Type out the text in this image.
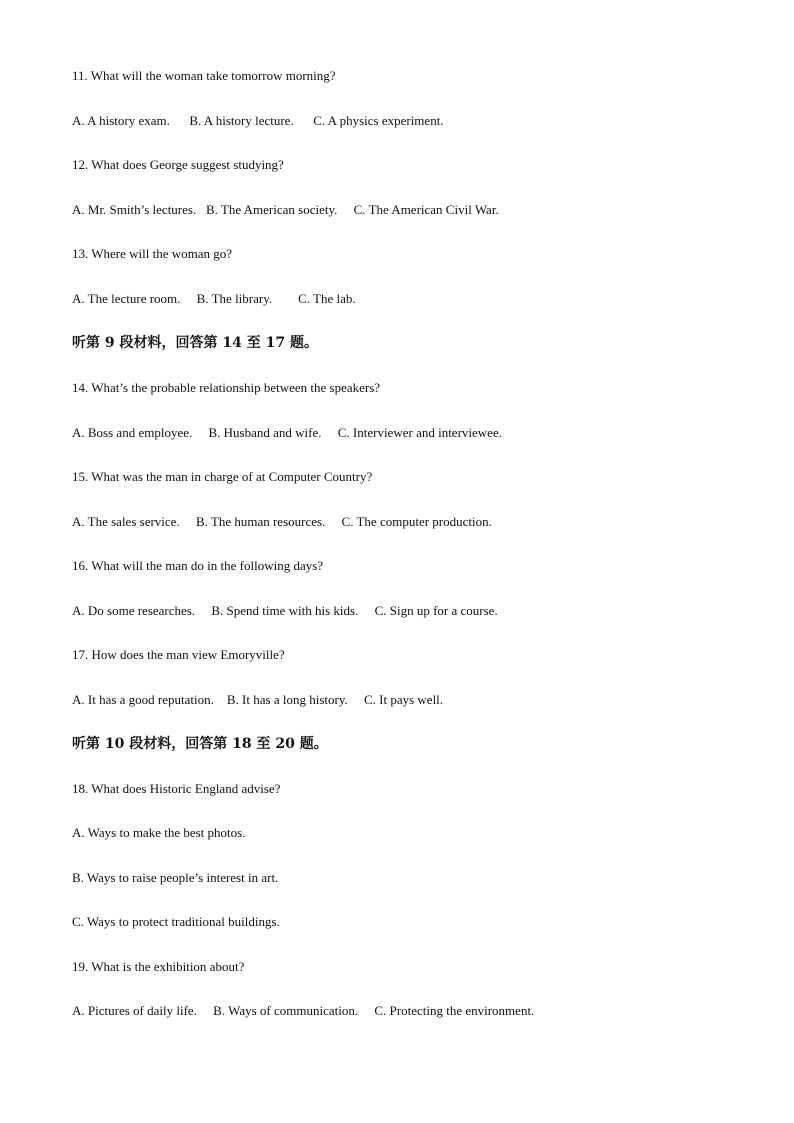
11. What will the woman take tomorrow morning?
A. A history exam.      B. A history lecture.      C. A physics experiment.
12. What does George suggest studying?
A. Mr. Smith’s lectures.   B. The American society.     C. The American Civil War.
13. Where will the woman go?
A. The lecture room.     B. The library.        C. The lab.
听第 9 段材料，回答第 14 至 17 题。
14. What’s the probable relationship between the speakers?
A. Boss and employee.     B. Husband and wife.     C. Interviewer and interviewee.
15. What was the man in charge of at Computer Country?
A. The sales service.     B. The human resources.     C. The computer production.
16. What will the man do in the following days?
A. Do some researches.     B. Spend time with his kids.     C. Sign up for a course.
17. How does the man view Emoryville?
A. It has a good reputation.    B. It has a long history.     C. It pays well.
听第 10 段材料，回答第 18 至 20 题。
18. What does Historic England advise?
A. Ways to make the best photos.
B. Ways to raise people’s interest in art.
C. Ways to protect traditional buildings.
19. What is the exhibition about?
A. Pictures of daily life.     B. Ways of communication.     C. Protecting the environment.
